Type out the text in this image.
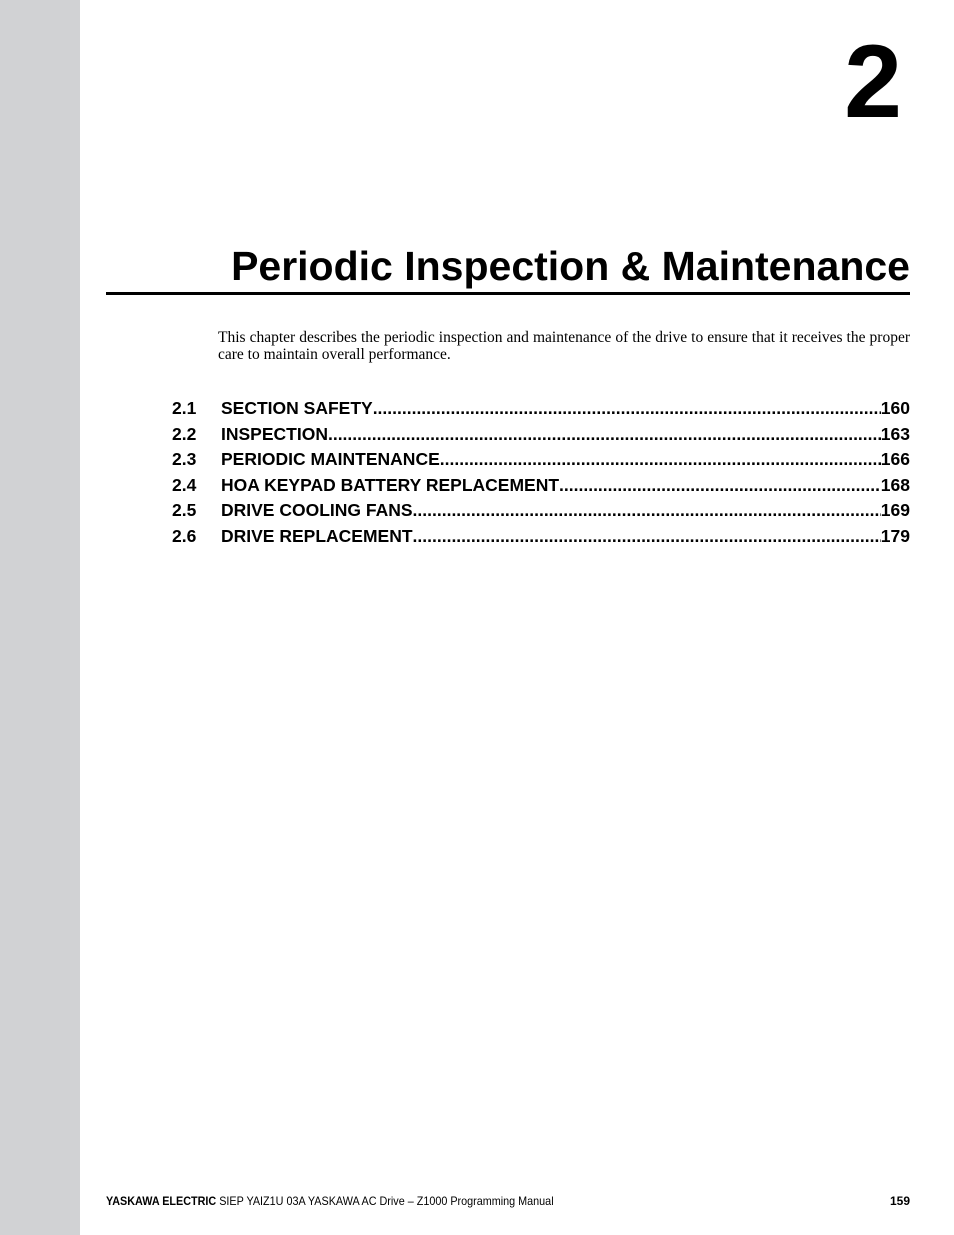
2
Periodic Inspection & Maintenance

This chapter describes the periodic inspection and maintenance of the drive to ensure that it receives the proper care to maintain overall performance.

2.1	SECTION SAFETY .....	160
2.2	INSPECTION .....	163
2.3	PERIODIC MAINTENANCE .....	166
2.4	HOA KEYPAD BATTERY REPLACEMENT .....	168
2.5	DRIVE COOLING FANS .....	169
2.6	DRIVE REPLACEMENT .....	179
YASKAWA ELECTRIC SIEP YAIZ1U 03A YASKAWA AC Drive – Z1000 Programming Manual	159
